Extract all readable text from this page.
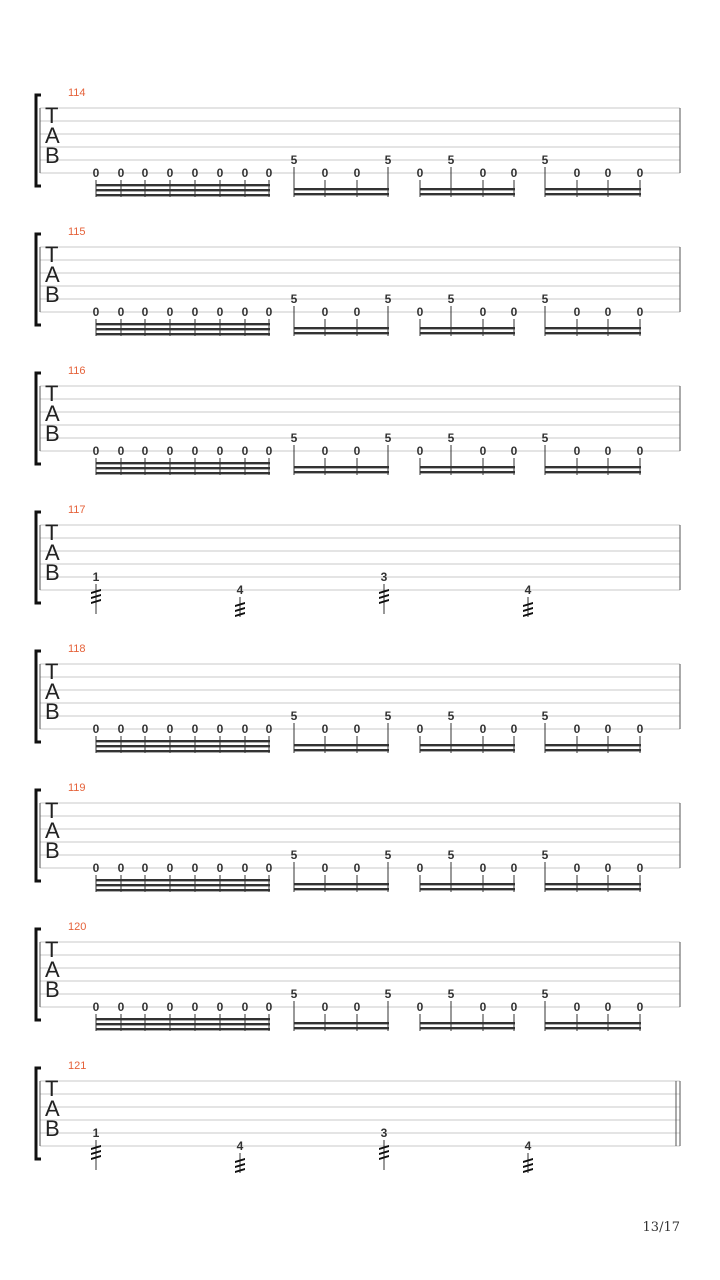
114
T
A
B
0 0 0 0 0 0 0 0
5
0 0
5
0
5
0 0
5
0 0 0
115
T
A
B
0 0 0 0 0 0 0 0
5
0 0
5
0
5
0 0
5
0 0 0
116
T
A
B
0 0 0 0 0 0 0 0
5
0 0
5
0
5
0 0
5
0 0 0
117
T
A
B	1
4
3
4
118
T
A
B
0 0 0 0 0 0 0 0
5
0 0
5
0
5
0 0
5
0 0 0
119
T
A
B
0 0 0 0 0 0 0 0
5
0 0
5
0
5
0 0
5
0 0 0
120
T
A
B
0 0 0 0 0 0 0 0
5
0 0
5
0
5
0 0
5
0 0 0
121
T
A
B	1
4
3
4
13/17
